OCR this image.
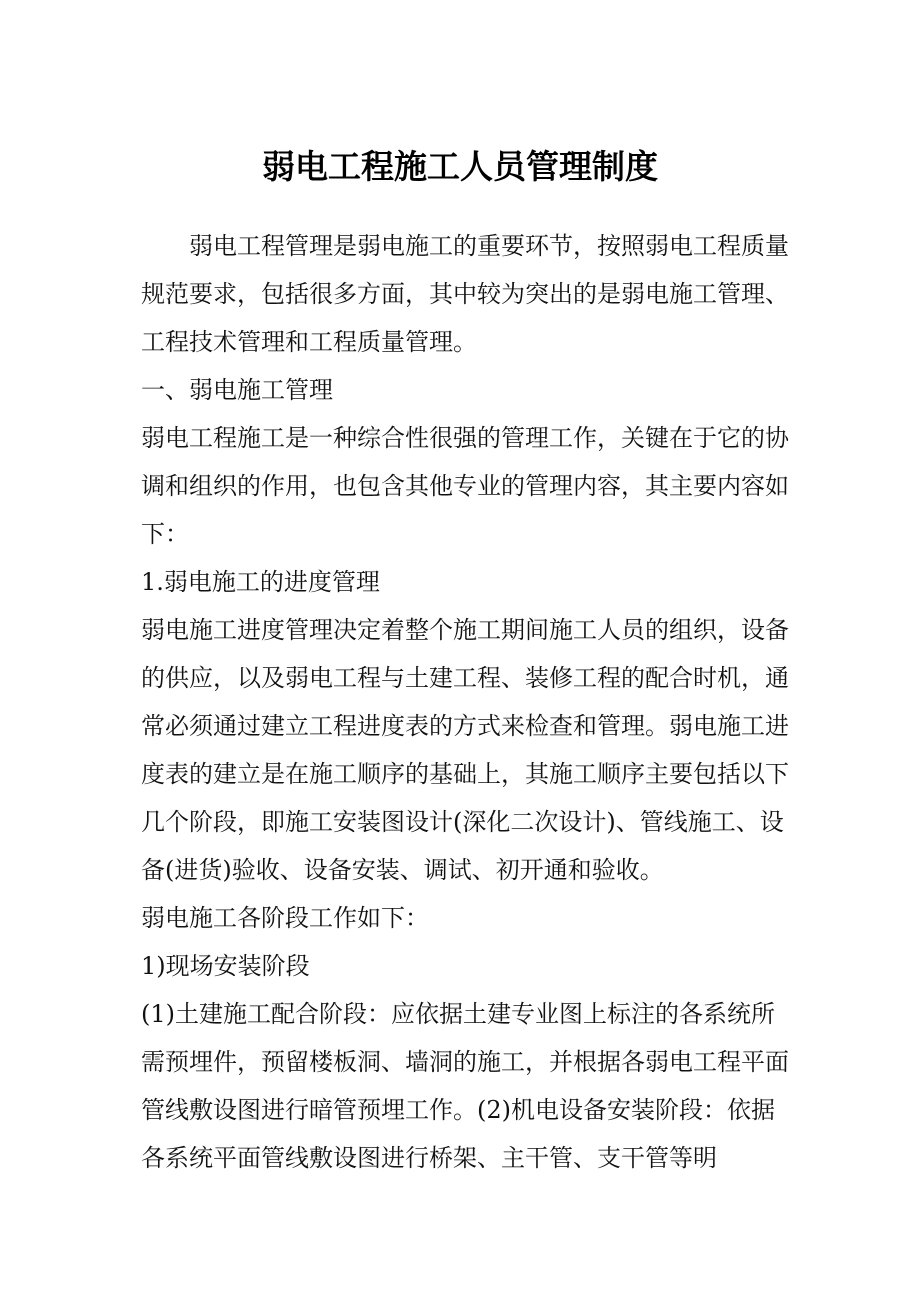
弱电工程施工人员管理制度

弱电工程管理是弱电施工的重要环节，按照弱电工程质量规范要求，包括很多方面，其中较为突出的是弱电施工管理、工程技术管理和工程质量管理。

一、弱电施工管理

弱电工程施工是一种综合性很强的管理工作，关键在于它的协调和组织的作用，也包含其他专业的管理内容，其主要内容如下：

1.弱电施工的进度管理

弱电施工进度管理决定着整个施工期间施工人员的组织，设备的供应，以及弱电工程与土建工程、装修工程的配合时机，通常必须通过建立工程进度表的方式来检查和管理。弱电施工进度表的建立是在施工顺序的基础上，其施工顺序主要包括以下几个阶段，即施工安装图设计(深化二次设计)、管线施工、设备(进货)验收、设备安装、调试、初开通和验收。

弱电施工各阶段工作如下：

1)现场安装阶段

(1)土建施工配合阶段：应依据土建专业图上标注的各系统所需预埋件，预留楼板洞、墙洞的施工，并根据各弱电工程平面管线敷设图进行暗管预埋工作。(2)机电设备安装阶段：依据各系统平面管线敷设图进行桥架、主干管、支干管等明
